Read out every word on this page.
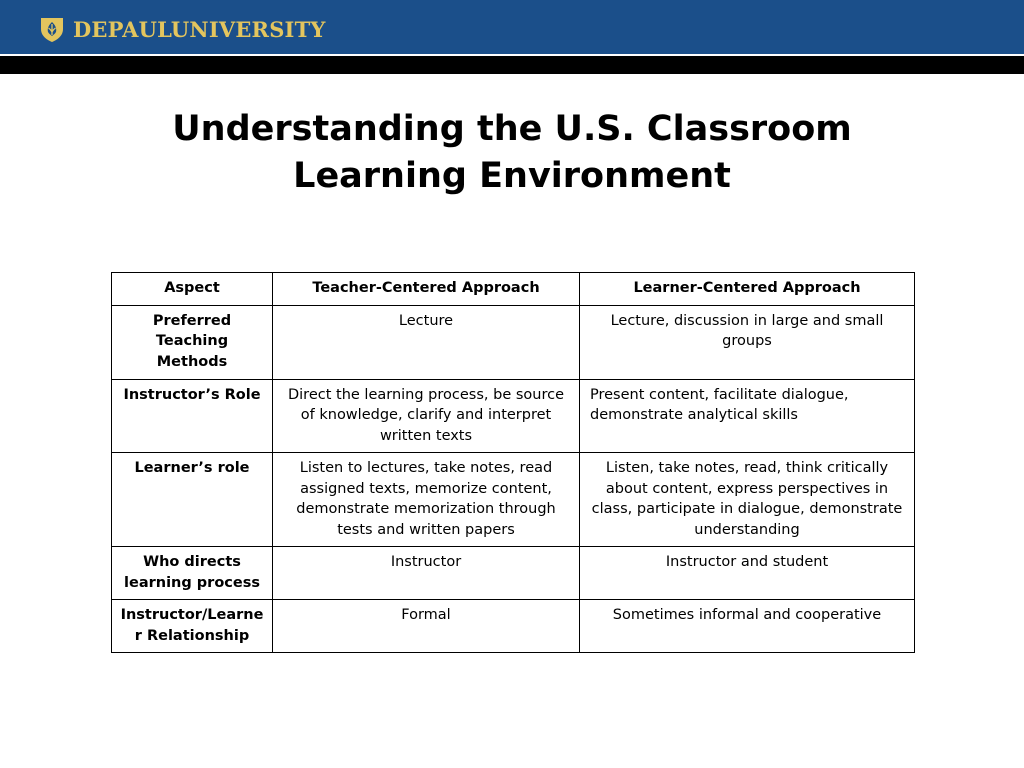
DEPAULUNIVERSITY
Understanding the U.S. Classroom
Learning Environment
Aspect	Teacher-Centered Approach	Learner-Centered Approach
Preferred Teaching Methods	Lecture	Lecture, discussion in large and small groups
Instructor’s Role	Direct the learning process, be source of knowledge, clarify and interpret written texts	Present content, facilitate dialogue, demonstrate analytical skills
Learner’s role	Listen to lectures, take notes, read assigned texts, memorize content, demonstrate memorization through tests and written papers	Listen, take notes, read, think critically about content, express perspectives in class, participate in dialogue, demonstrate understanding
Who directs learning process	Instructor	Instructor and student
Instructor/Learner Relationship	Formal	Sometimes informal and cooperative
